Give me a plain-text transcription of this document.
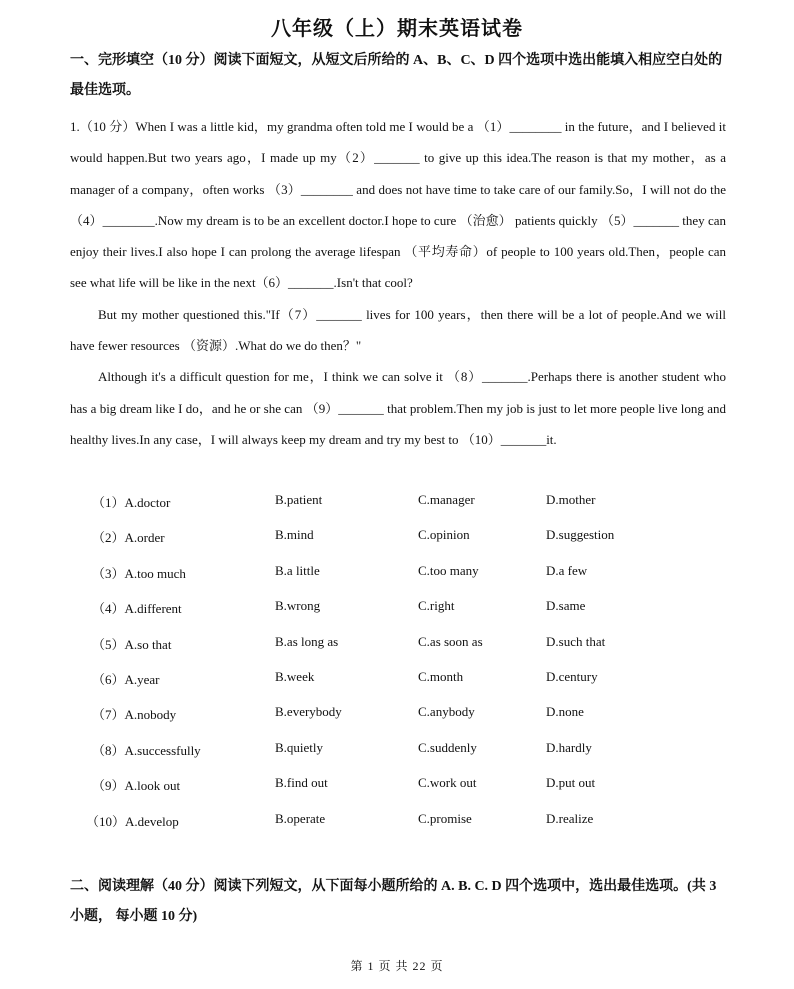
八年级（上）期末英语试卷
一、完形填空（10 分）阅读下面短文，从短文后所给的 A、B、C、D 四个选项中选出能填入相应空白处的最佳选项。

1.（10 分）When I was a little kid，my grandma often told me I would be a （1）________ in the future，and I believed it would happen.But two years ago，I made up my（2）_______ to give up this idea.The reason is that my mother，as a manager of a company，often works （3）________ and does not have time to take care of our family.So，I will not do the （4）________.Now my dream is to be an excellent doctor.I hope to cure （治愈） patients quickly （5）_______ they can enjoy their lives.I also hope I can prolong the average lifespan （平均寿命）of people to 100 years old.Then，people can see what life will be like in the next（6）_______.Isn't that cool?

But my mother questioned this."If（7）_______ lives for 100 years，then there will be a lot of people.And we will have fewer resources （资源）.What do we do then？"

Although it's a difficult question for me，I think we can solve it （8）_______.Perhaps there is another student who has a big dream like I do，and he or she can （9）_______ that problem.Then my job is just to let more people live long and healthy lives.In any case，I will always keep my dream and try my best to （10）_______it.

（1）A.doctor	B.patient	C.manager	D.mother
（2）A.order	B.mind	C.opinion	D.suggestion
（3）A.too much	B.a little	C.too many	D.a few
（4）A.different	B.wrong	C.right	D.same
（5）A.so that	B.as long as	C.as soon as	D.such that
（6）A.year	B.week	C.month	D.century
（7）A.nobody	B.everybody	C.anybody	D.none
（8）A.successfully	B.quietly	C.suddenly	D.hardly
（9）A.look out	B.find out	C.work out	D.put out
（10）A.develop	B.operate	C.promise	D.realize
二、阅读理解（40 分）阅读下列短文，从下面每小题所给的 A. B. C. D 四个选项中，选出最佳选项。(共 3 小题， 每小题 10 分)
第 1 页 共 22 页
